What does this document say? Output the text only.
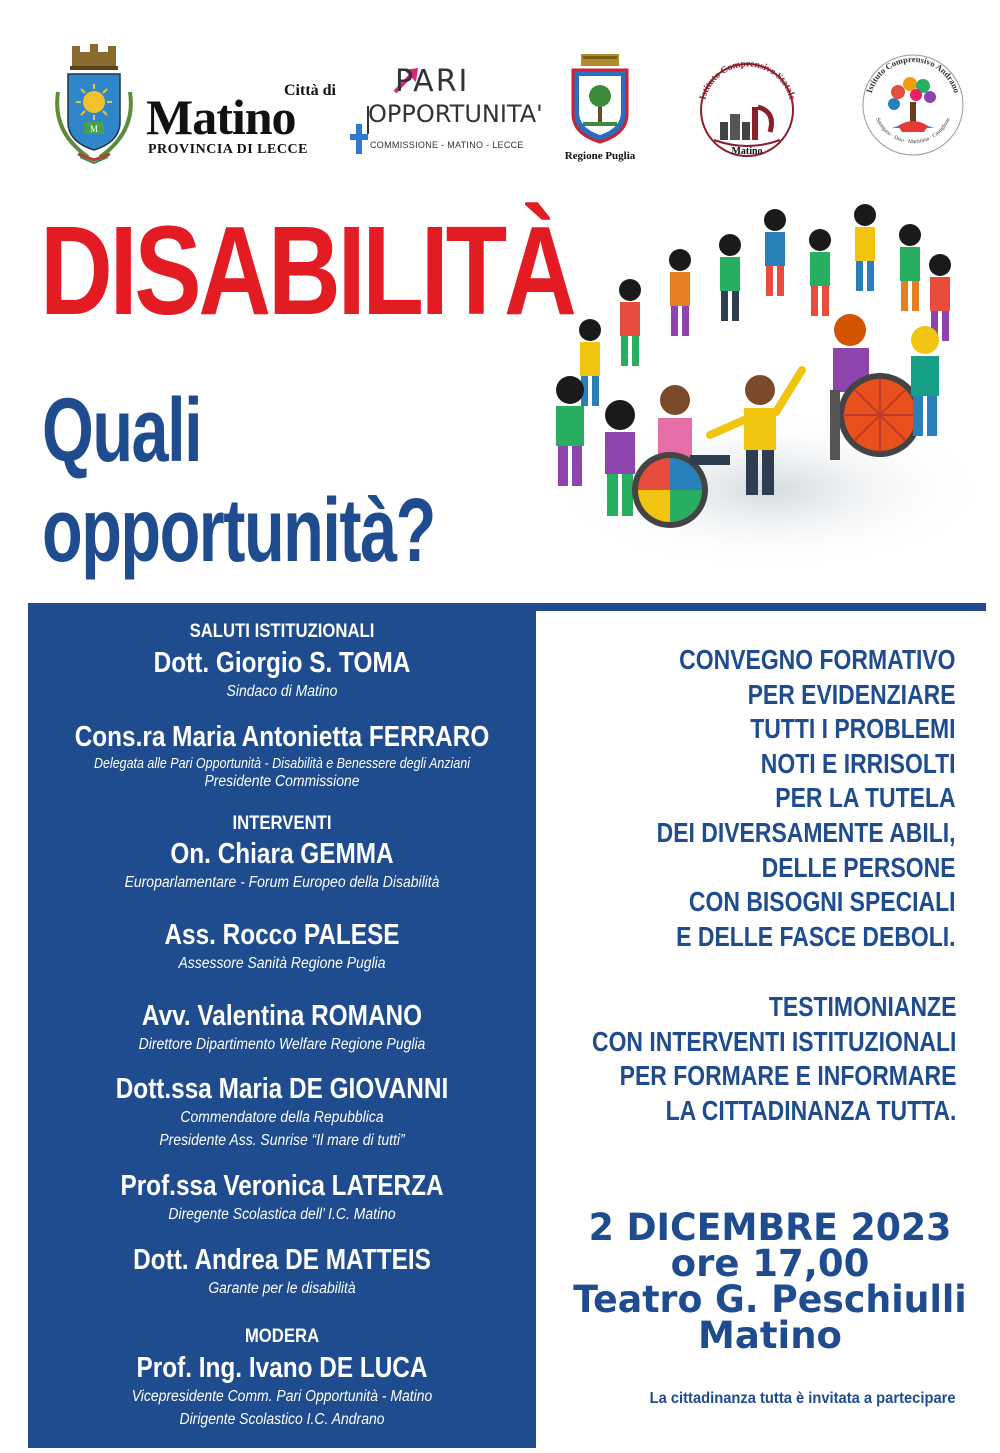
M
Città di
Matino
PROVINCIA DI LECCE
PARI
OPPORTUNITA'
COMMISSIONE - MATINO - LECCE
Regione Puglia
Istituto Comprensivo Statale
Matino
Istituto Comprensivo Andrano
Spongano · Diso · Marittima · Castiglione
DISABILITÀ
Quali
opportunità?
SALUTI ISTITUZIONALI
Dott. Giorgio S. TOMA
Sindaco di Matino
Cons.ra Maria Antonietta FERRARO
Delegata alle Pari Opportunità - Disabilità e Benessere degli Anziani
Presidente Commissione
INTERVENTI
On. Chiara GEMMA
Europarlamentare - Forum Europeo della Disabilità
Ass. Rocco PALESE
Assessore Sanità Regione Puglia
Avv. Valentina ROMANO
Direttore Dipartimento Welfare Regione Puglia
Dott.ssa Maria DE GIOVANNI
Commendatore della Repubblica
Presidente Ass. Sunrise “Il mare di tutti”
Prof.ssa Veronica LATERZA
Diregente Scolastica dell’ I.C. Matino
Dott. Andrea DE MATTEIS
Garante per le disabilità
MODERA
Prof. Ing. Ivano DE LUCA
Vicepresidente Comm. Pari Opportunità - Matino
Dirigente Scolastico I.C. Andrano
CONVEGNO FORMATIVO
PER EVIDENZIARE
TUTTI I PROBLEMI
NOTI E IRRISOLTI
PER LA TUTELA
DEI DIVERSAMENTE ABILI,
DELLE PERSONE
CON BISOGNI SPECIALI
E DELLE FASCE DEBOLI.
TESTIMONIANZE
CON INTERVENTI ISTITUZIONALI
PER FORMARE E INFORMARE
LA CITTADINANZA TUTTA.
2 DICEMBRE 2023
ore 17,00
Teatro G. Peschiulli
Matino
La cittadinanza tutta è invitata a partecipare
